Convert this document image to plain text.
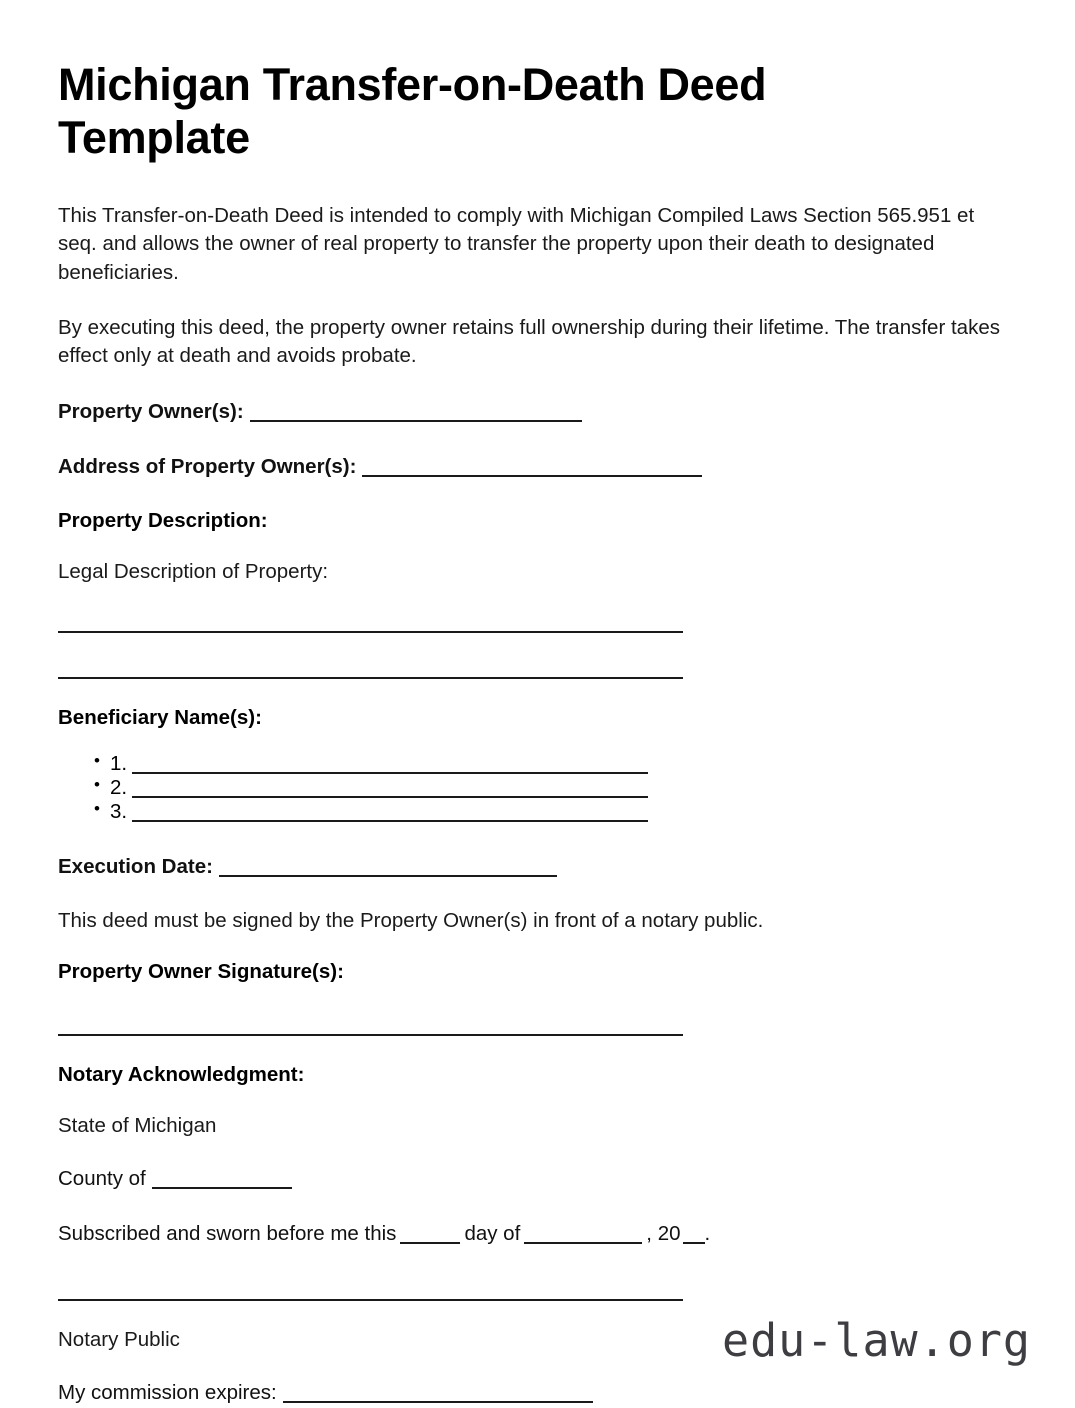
Michigan Transfer-on-Death Deed Template

This Transfer-on-Death Deed is intended to comply with Michigan Compiled Laws Section 565.951 et seq. and allows the owner of real property to transfer the property upon their death to designated beneficiaries.

By executing this deed, the property owner retains full ownership during their lifetime. The transfer takes effect only at death and avoids probate.

Property Owner(s):

Address of Property Owner(s):

Property Description:

Legal Description of Property:

Beneficiary Name(s):

• 1.
• 2.
• 3.

Execution Date:

This deed must be signed by the Property Owner(s) in front of a notary public.

Property Owner Signature(s):

Notary Acknowledgment:

State of Michigan

County of

Subscribed and sworn before me this	day of	, 20 .

Notary Public

My commission expires:

edu-law.org
